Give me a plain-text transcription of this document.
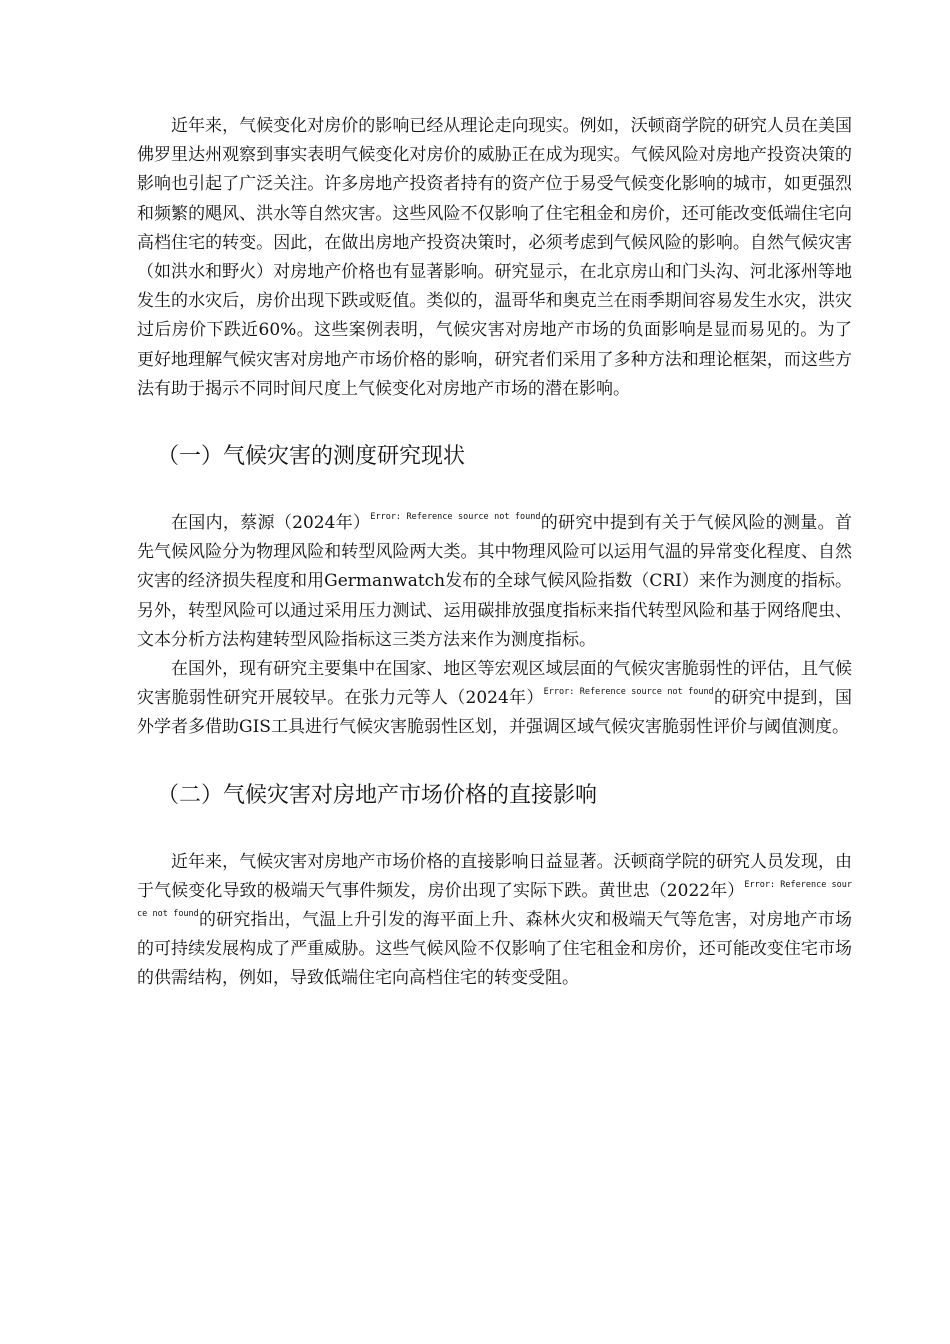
近年来，气候变化对房价的影响已经从理论走向现实。例如，沃顿商学院的研究人员在美国佛罗里达州观察到事实表明气候变化对房价的威胁正在成为现实。气候风险对房地产投资决策的影响也引起了广泛关注。许多房地产投资者持有的资产位于易受气候变化影响的城市，如更强烈和频繁的飓风、洪水等自然灾害。这些风险不仅影响了住宅租金和房价，还可能改变低端住宅向高档住宅的转变。因此，在做出房地产投资决策时，必须考虑到气候风险的影响。自然气候灾害（如洪水和野火）对房地产价格也有显著影响。研究显示，在北京房山和门头沟、河北涿州等地发生的水灾后，房价出现下跌或贬值。类似的，温哥华和奥克兰在雨季期间容易发生水灾，洪灾过后房价下跌近60%。这些案例表明，气候灾害对房地产市场的负面影响是显而易见的。为了更好地理解气候灾害对房地产市场价格的影响，研究者们采用了多种方法和理论框架，而这些方法有助于揭示不同时间尺度上气候变化对房地产市场的潜在影响。

（一）气候灾害的测度研究现状

在国内，蔡源（2024年）$^{Error: Reference source not found}$的研究中提到有关于气候风险的测量。首先气候风险分为物理风险和转型风险两大类。其中物理风险可以运用气温的异常变化程度、自然灾害的经济损失程度和用Germanwatch发布的全球气候风险指数（CRI）来作为测度的指标。另外，转型风险可以通过采用压力测试、运用碳排放强度指标来指代转型风险和基于网络爬虫、文本分析方法构建转型风险指标这三类方法来作为测度指标。

在国外，现有研究主要集中在国家、地区等宏观区域层面的气候灾害脆弱性的评估，且气候灾害脆弱性研究开展较早。在张力元等人（2024年）$^{Error: Reference source not found}$的研究中提到，国外学者多借助GIS工具进行气候灾害脆弱性区划，并强调区域气候灾害脆弱性评价与阈值测度。

（二）气候灾害对房地产市场价格的直接影响

近年来，气候灾害对房地产市场价格的直接影响日益显著。沃顿商学院的研究人员发现，由于气候变化导致的极端天气事件频发，房价出现了实际下跌。黄世忠（2022年）$^{Error: Reference source not found}$的研究指出，气温上升引发的海平面上升、森林火灾和极端天气等危害，对房地产市场的可持续发展构成了严重威胁。这些气候风险不仅影响了住宅租金和房价，还可能改变住宅市场的供需结构，例如，导致低端住宅向高档住宅的转变受阻。
